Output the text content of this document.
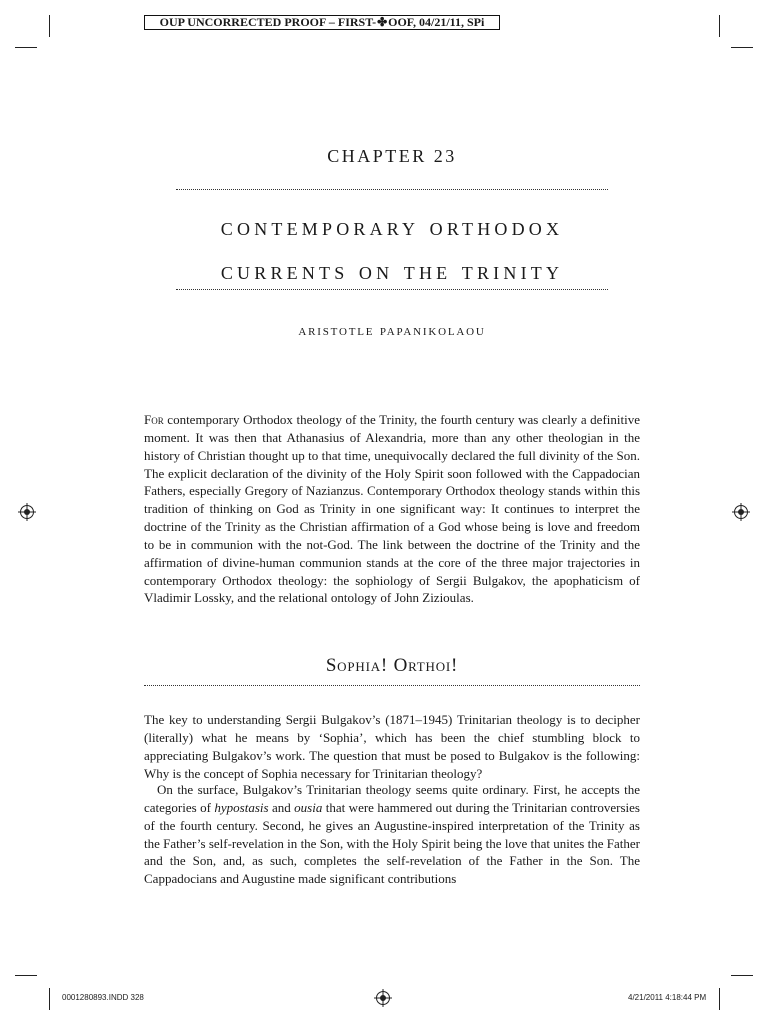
OUP UNCORRECTED PROOF – FIRST-✤OOF, 04/21/11, SPi
CHAPTER 23
contemporary orthodox
currents on the trinity
aristotle papanikolaou

For contemporary Orthodox theology of the Trinity, the fourth century was clearly a definitive moment. It was then that Athanasius of Alexandria, more than any other theologian in the history of Christian thought up to that time, unequivocally declared the full divinity of the Son. The explicit declaration of the divinity of the Holy Spirit soon followed with the Cappadocian Fathers, especially Gregory of Nazianzus. Contemporary Orthodox theology stands within this tradition of thinking on God as Trinity in one significant way: It continues to interpret the doctrine of the Trinity as the Christian affirmation of a God whose being is love and freedom to be in communion with the not-God. The link between the doctrine of the Trinity and the affirmation of divine-human communion stands at the core of the three major trajectories in contemporary Orthodox theology: the sophiology of Sergii Bulgakov, the apophaticism of Vladimir Lossky, and the relational ontology of John Zizioulas.

Sophia! Orthoi!

The key to understanding Sergii Bulgakov’s (1871–1945) Trinitarian theology is to decipher (literally) what he means by ‘Sophia’, which has been the chief stumbling block to appreciating Bulgakov’s work. The question that must be posed to Bulgakov is the following: Why is the concept of Sophia necessary for Trinitarian theology?

On the surface, Bulgakov’s Trinitarian theology seems quite ordinary. First, he accepts the categories of hypostasis and ousia that were hammered out during the Trinitarian controversies of the fourth century. Second, he gives an Augustine-inspired interpretation of the Trinity as the Father’s self-revelation in the Son, with the Holy Spirit being the love that unites the Father and the Son, and, as such, completes the self-revelation of the Father in the Son. The Cappadocians and Augustine made significant contributions

0001280893.INDD 328	4/21/2011 4:18:44 PM
